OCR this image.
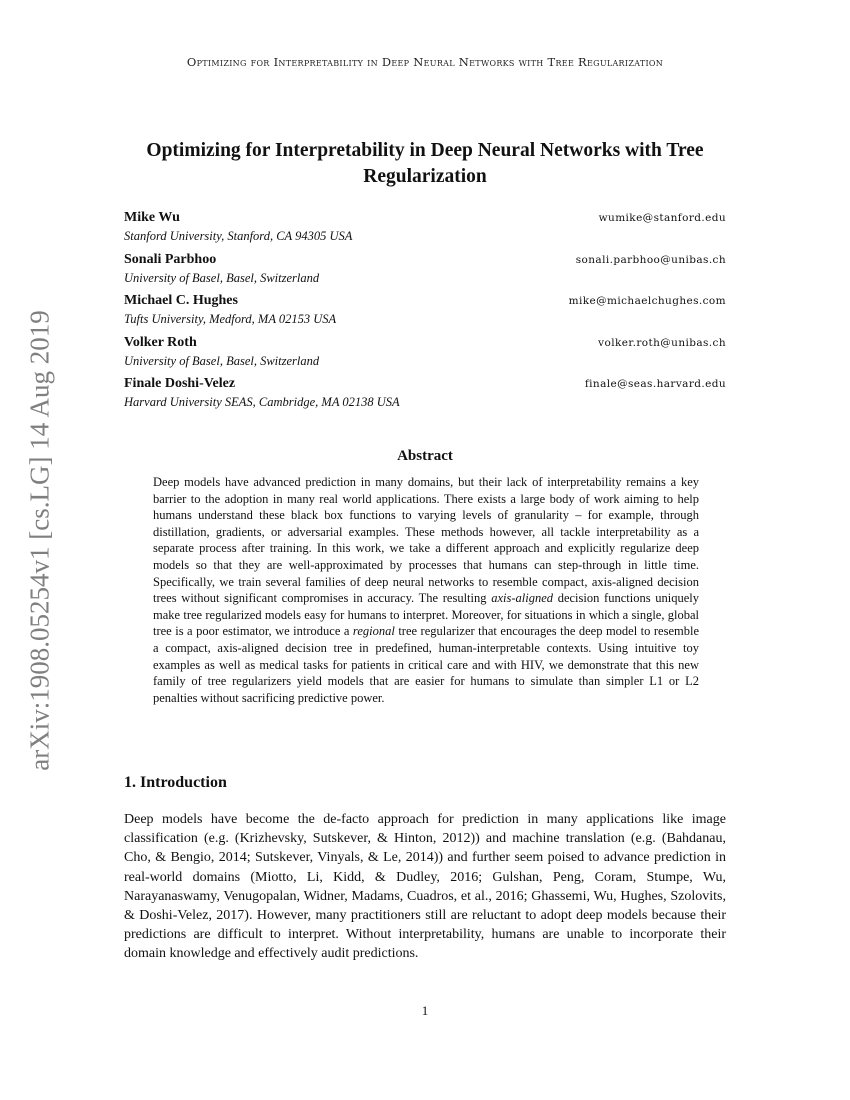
Optimizing for Interpretability in Deep Neural Networks with Tree Regularization
arXiv:1908.05254v1 [cs.LG] 14 Aug 2019
Optimizing for Interpretability in Deep Neural Networks with Tree Regularization
Mike Wu	wumike@stanford.edu
Stanford University, Stanford, CA 94305 USA
Sonali Parbhoo	sonali.parbhoo@unibas.ch
University of Basel, Basel, Switzerland
Michael C. Hughes	mike@michaelchughes.com
Tufts University, Medford, MA 02153 USA
Volker Roth	volker.roth@unibas.ch
University of Basel, Basel, Switzerland
Finale Doshi-Velez	finale@seas.harvard.edu
Harvard University SEAS, Cambridge, MA 02138 USA
Abstract

Deep models have advanced prediction in many domains, but their lack of interpretability remains a key barrier to the adoption in many real world applications. There exists a large body of work aiming to help humans understand these black box functions to varying levels of granularity – for example, through distillation, gradients, or adversarial examples. These methods however, all tackle interpretability as a separate process after training. In this work, we take a different approach and explicitly regularize deep models so that they are well-approximated by processes that humans can step-through in little time. Specifically, we train several families of deep neural networks to resemble compact, axis-aligned decision trees without significant compromises in accuracy. The resulting axis-aligned decision functions uniquely make tree regularized models easy for humans to interpret. Moreover, for situations in which a single, global tree is a poor estimator, we introduce a regional tree regularizer that encourages the deep model to resemble a compact, axis-aligned decision tree in predefined, human-interpretable contexts. Using intuitive toy examples as well as medical tasks for patients in critical care and with HIV, we demonstrate that this new family of tree regularizers yield models that are easier for humans to simulate than simpler L1 or L2 penalties without sacrificing predictive power.

1. Introduction

Deep models have become the de-facto approach for prediction in many applications like image classification (e.g. (Krizhevsky, Sutskever, & Hinton, 2012)) and machine translation (e.g. (Bahdanau, Cho, & Bengio, 2014; Sutskever, Vinyals, & Le, 2014)) and further seem poised to advance prediction in real-world domains (Miotto, Li, Kidd, & Dudley, 2016; Gulshan, Peng, Coram, Stumpe, Wu, Narayanaswamy, Venugopalan, Widner, Madams, Cuadros, et al., 2016; Ghassemi, Wu, Hughes, Szolovits, & Doshi-Velez, 2017). However, many practitioners still are reluctant to adopt deep models because their predictions are difficult to interpret. Without interpretability, humans are unable to incorporate their domain knowledge and effectively audit predictions.

1
